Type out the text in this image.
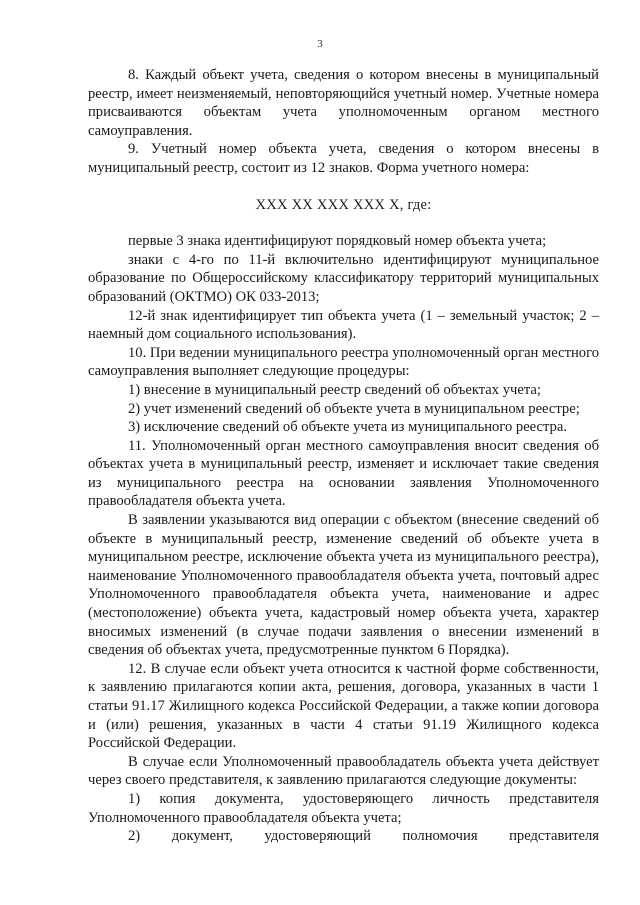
3

8. Каждый объект учета, сведения о котором внесены в муниципальный реестр, имеет неизменяемый, неповторяющийся учетный номер. Учетные номера присваиваются объектам учета уполномоченным органом местного самоуправления.

9. Учетный номер объекта учета, сведения о котором внесены в муниципальный реестр, состоит из 12 знаков. Форма учетного номера:

XXX XX XXX XXX X, где:

первые 3 знака идентифицируют порядковый номер объекта учета;

знаки с 4-го по 11-й включительно идентифицируют муниципальное образование по Общероссийскому классификатору территорий муниципальных образований (ОКТМО) ОК 033-2013;

12-й знак идентифицирует тип объекта учета (1 – земельный участок; 2 – наемный дом социального использования).

10. При ведении муниципального реестра уполномоченный орган местного самоуправления выполняет следующие процедуры:

1) внесение в муниципальный реестр сведений об объектах учета;

2) учет изменений сведений об объекте учета в муниципальном реестре;

3) исключение сведений об объекте учета из муниципального реестра.

11. Уполномоченный орган местного самоуправления вносит сведения об объектах учета в муниципальный реестр, изменяет и исключает такие сведения из муниципального реестра на основании заявления Уполномоченного правообладателя объекта учета.

В заявлении указываются вид операции с объектом (внесение сведений об объекте в муниципальный реестр, изменение сведений об объекте учета в муниципальном реестре, исключение объекта учета из муниципального реестра), наименование Уполномоченного правообладателя объекта учета, почтовый адрес Уполномоченного правообладателя объекта учета, наименование и адрес (местоположение) объекта учета, кадастровый номер объекта учета, характер вносимых изменений (в случае подачи заявления о внесении изменений в сведения об объектах учета, предусмотренные пунктом 6 Порядка).

12. В случае если объект учета относится к частной форме собственности, к заявлению прилагаются копии акта, решения, договора, указанных в части 1 статьи 91.17 Жилищного кодекса Российской Федерации, а также копии договора и (или) решения, указанных в части 4 статьи 91.19 Жилищного кодекса Российской Федерации.

В случае если Уполномоченный правообладатель объекта учета действует через своего представителя, к заявлению прилагаются следующие документы:

1) копия документа, удостоверяющего личность представителя Уполномоченного правообладателя объекта учета;

2) документ, удостоверяющий полномочия представителя
